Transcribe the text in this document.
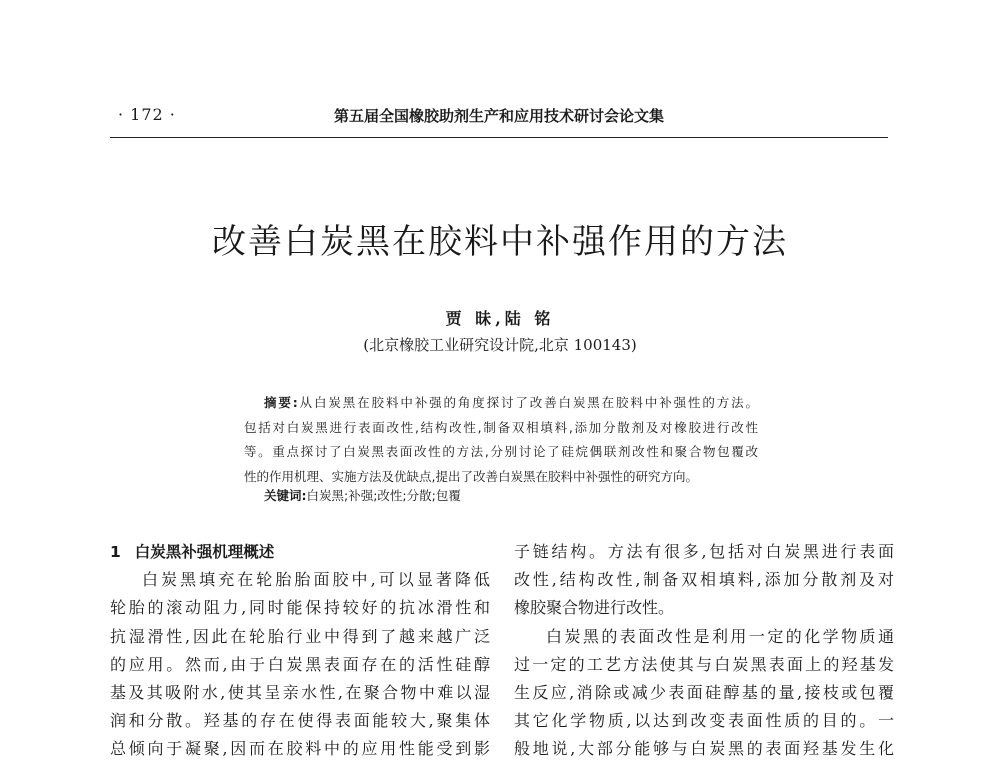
· 172 ·	第五届全国橡胶助剂生产和应用技术研讨会论文集
改善白炭黑在胶料中补强作用的方法
贾 昧,陆 铭
(北京橡胶工业研究设计院,北京 100143)
摘要:从白炭黑在胶料中补强的角度探讨了改善白炭黑在胶料中补强性的方法。
包括对白炭黑进行表面改性,结构改性,制备双相填料,添加分散剂及对橡胶进行改性
等。重点探讨了白炭黑表面改性的方法,分别讨论了硅烷偶联剂改性和聚合物包覆改
性的作用机理、实施方法及优缺点,提出了改善白炭黑在胶料中补强性的研究方向。
关键词:白炭黑;补强;改性;分散;包覆
1 白炭黑补强机理概述
白炭黑填充在轮胎胎面胶中,可以显著降低
轮胎的滚动阻力,同时能保持较好的抗冰滑性和
抗湿滑性,因此在轮胎行业中得到了越来越广泛
的应用。然而,由于白炭黑表面存在的活性硅醇
基及其吸附水,使其呈亲水性,在聚合物中难以湿
润和分散。羟基的存在使得表面能较大,聚集体
总倾向于凝聚,因而在胶料中的应用性能受到影
子链结构。方法有很多,包括对白炭黑进行表面
改性,结构改性,制备双相填料,添加分散剂及对
橡胶聚合物进行改性。
白炭黑的表面改性是利用一定的化学物质通
过一定的工艺方法使其与白炭黑表面上的羟基发
生反应,消除或减少表面硅醇基的量,接枝或包覆
其它化学物质,以达到改变表面性质的目的。一
般地说,大部分能够与白炭黑的表面羟基发生化
